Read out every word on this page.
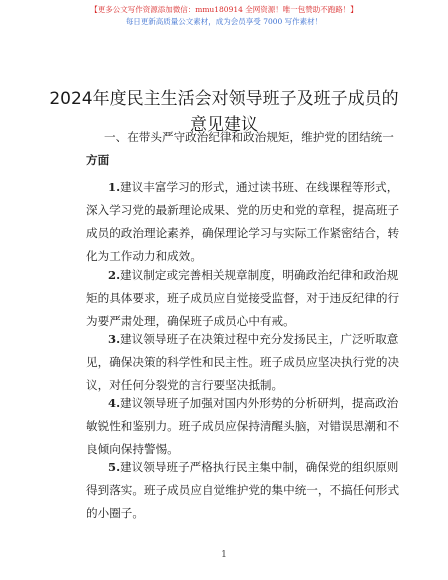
【更多公文写作资源添加微信：mmu180914 全网资源！唯一包赞助不跑路！】
每日更新高质量公文素材，成为会员享受 7000 写作素材！
2024年度民主生活会对领导班子及班子成员的
意见建议
一、在带头严守政治纪律和政治规矩，维护党的团结统一
方面
1.建议丰富学习的形式，通过读书班、在线课程等形式，
深入学习党的最新理论成果、党的历史和党的章程，提高班子
成员的政治理论素养，确保理论学习与实际工作紧密结合，转
化为工作动力和成效。
2.建议制定或完善相关规章制度，明确政治纪律和政治规
矩的具体要求，班子成员应自觉接受监督，对于违反纪律的行
为要严肃处理，确保班子成员心中有戒。
3.建议领导班子在决策过程中充分发扬民主，广泛听取意
见，确保决策的科学性和民主性。班子成员应坚决执行党的决
议，对任何分裂党的言行要坚决抵制。
4.建议领导班子加强对国内外形势的分析研判，提高政治
敏锐性和鉴别力。班子成员应保持清醒头脑，对错误思潮和不
良倾向保持警惕。
5.建议领导班子严格执行民主集中制，确保党的组织原则
得到落实。班子成员应自觉维护党的集中统一，不搞任何形式
的小圈子。
1
